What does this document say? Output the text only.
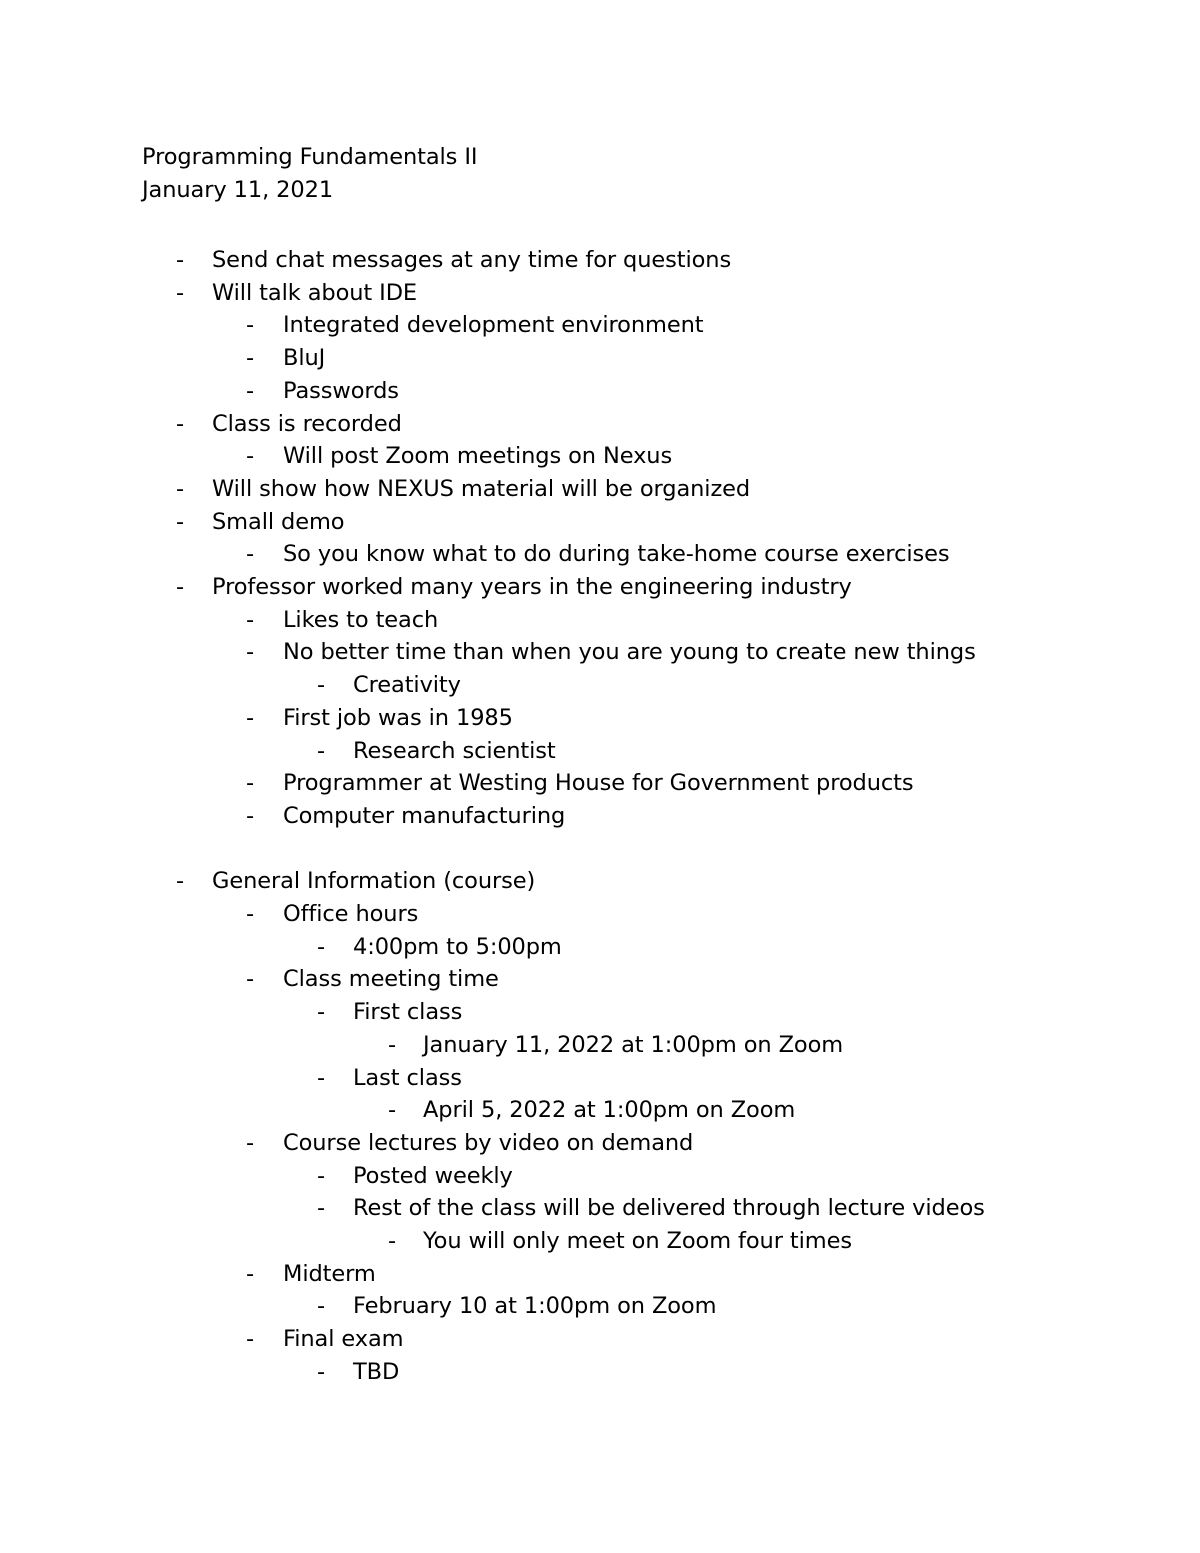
Programming Fundamentals II
January 11, 2021
- Send chat messages at any time for questions
- Will talk about IDE
- Integrated development environment
- BluJ
- Passwords
- Class is recorded
- Will post Zoom meetings on Nexus
- Will show how NEXUS material will be organized
- Small demo
- So you know what to do during take-home course exercises
- Professor worked many years in the engineering industry
- Likes to teach
- No better time than when you are young to create new things
- Creativity
- First job was in 1985
- Research scientist
- Programmer at Westing House for Government products
- Computer manufacturing
- General Information (course)
- Office hours
- 4:00pm to 5:00pm
- Class meeting time
- First class
- January 11, 2022 at 1:00pm on Zoom
- Last class
- April 5, 2022 at 1:00pm on Zoom
- Course lectures by video on demand
- Posted weekly
- Rest of the class will be delivered through lecture videos
- You will only meet on Zoom four times
- Midterm
- February 10 at 1:00pm on Zoom
- Final exam
- TBD
